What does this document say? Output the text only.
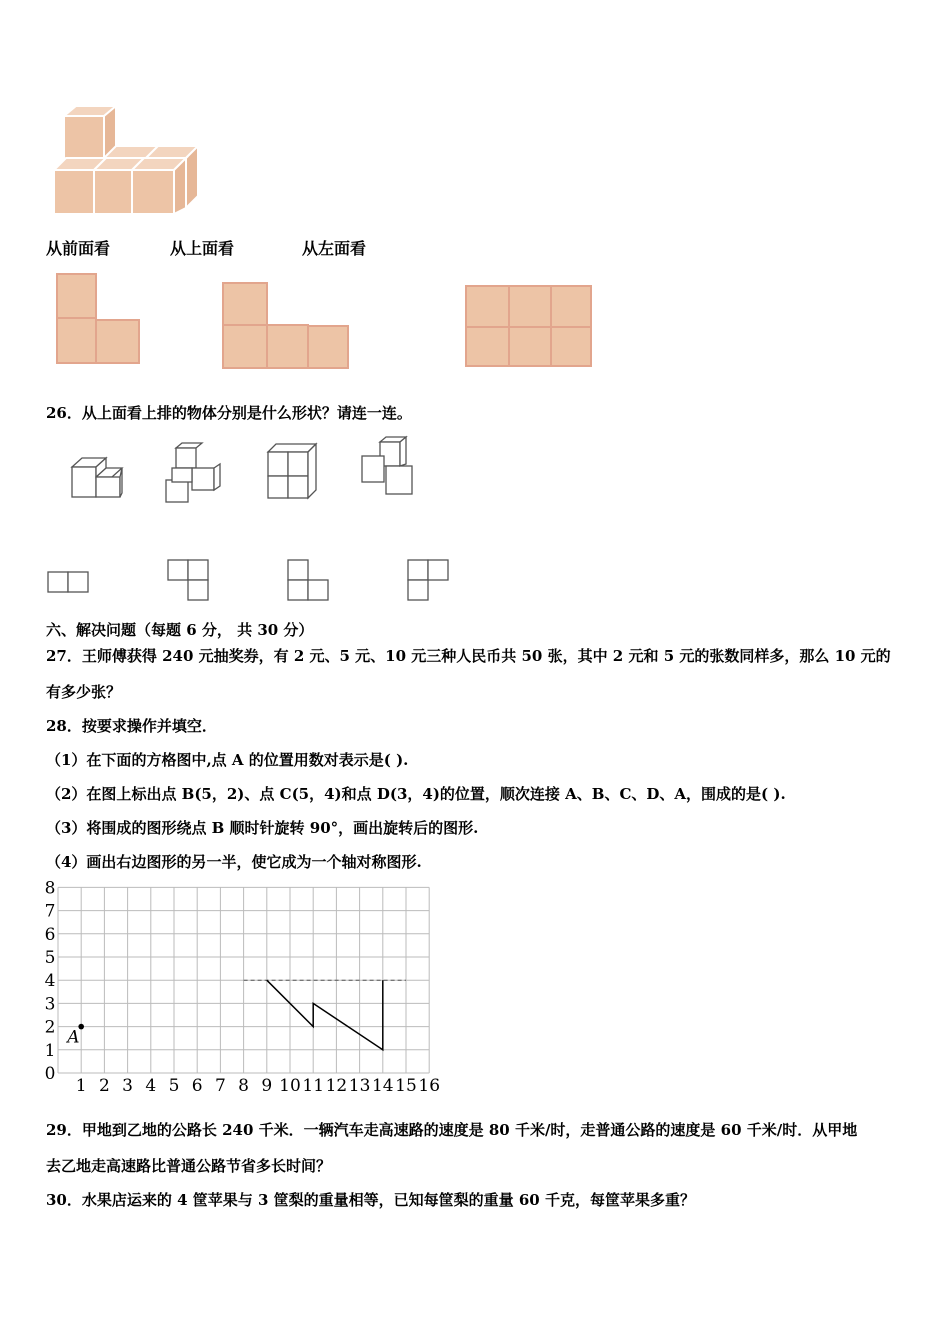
从前面看	从上面看	从左面看
26．从上面看上排的物体分别是什么形状？请连一连。
六、解决问题（每题 6 分， 共 30 分）
27．王师傅获得 240 元抽奖券，有 2 元、5 元、10 元三种人民币共 50 张，其中 2 元和 5 元的张数同样多，那么 10 元的
有多少张？
28．按要求操作并填空．
（1）在下面的方格图中,点 A 的位置用数对表示是( ).
（2）在图上标出点 B(5，2)、点 C(5，4)和点 D(3，4)的位置，顺次连接 A、B、C、D、A，围成的是( ).
（3）将围成的图形绕点 B 顺时针旋转 90°，画出旋转后的图形.
（4）画出右边图形的另一半，使它成为一个轴对称图形.
1 2 3 4 5 6 7 8 9 10 11 12 13 14 15 16
1
2
3
4
5
6
7
8
0
A
29．甲地到乙地的公路长 240 千米．一辆汽车走高速路的速度是 80 千米/时，走普通公路的速度是 60 千米/时．从甲地
去乙地走高速路比普通公路节省多长时间？
30．水果店运来的 4 筐苹果与 3 筐梨的重量相等，已知每筐梨的重量 60 千克，每筐苹果多重？
